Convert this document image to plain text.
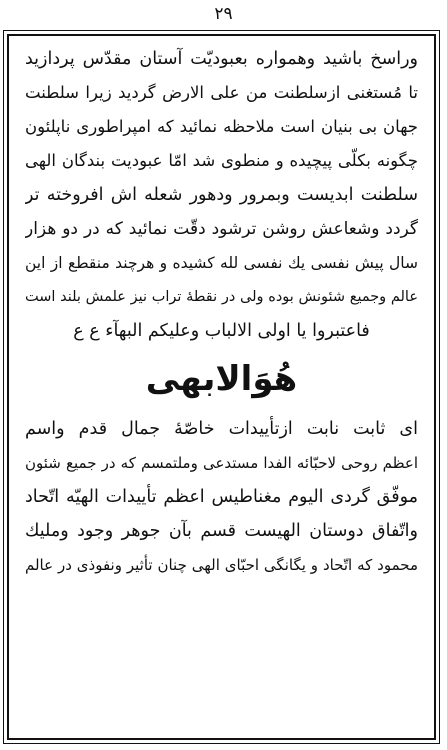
۲۹
وراسخ باشید وهمواره بعبودیّت آستان مقدّس پردازید
تا مُستغنی ازسلطنت من علی الارض گردید زیرا سلطنت
جهان بی بنیان است ملاحظه نمائید که امپراطوری ناپلئون
چگونه بکلّی پیچیده و منطوی شد امّا عبودیت بندگان الهی
سلطنت ابدیست وبمرور ودهور شعله اش افروخته تر
گردد وشعاعش روشن ترشود دقّت نمائید که در دو هزار
سال پیش نفسی یك نفسی لله کشیده و هرچند منقطع از این
عالم وجمیع شئونش بوده ولی در نقطهٔ تراب نیز علمش بلند است
فاعتبروا یا اولی الالباب وعلیکم البهآء ع ع
هُوَالابهی
ای ثابت نابت ازتأییدات خاصّهٔ جمال قدم واسم
اعظم روحی لاحبّائه الفدا مستدعی وملتمسم که در جمیع شئون
موفّق گردی الیوم مغناطیس اعظم تأییدات الهیّه اتّحاد
واتّفاق دوستان الهیست قسم بآن جوهر وجود وملیك
محمود که اتّحاد و یگانگی احبّای الهی چنان تأثیر ونفوذی در عالم
